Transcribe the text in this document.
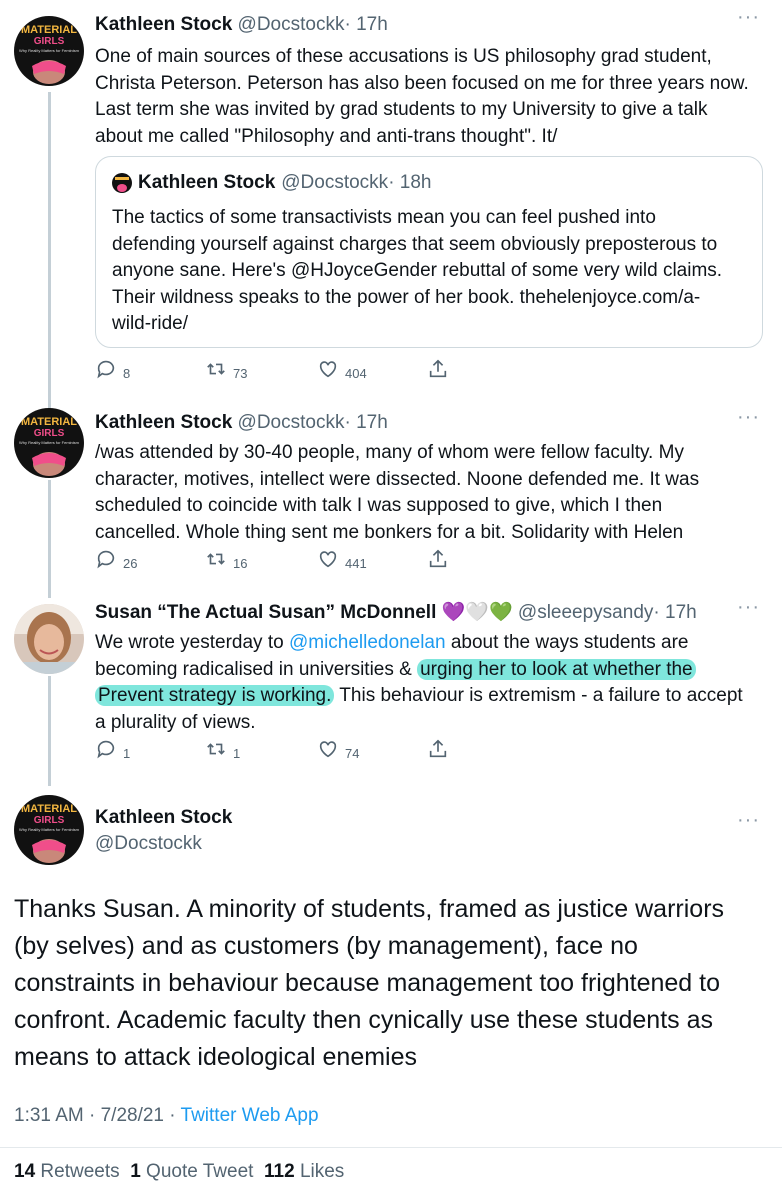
MATERIAL
GIRLS
Why Reality Matters for Feminism
···
Kathleen Stock @Docstockk· 17h
One of main sources of these accusations is US philosophy grad student,
Christa Peterson. Peterson has also been focused on me for three years now.
Last term she was invited by grad students to my University to give a talk
about me called "Philosophy and anti-trans thought". It/
Kathleen Stock @Docstockk· 18h
The tactics of some transactivists mean you can feel pushed into
defending yourself against charges that seem obviously preposterous to
anyone sane. Here's @HJoyceGender rebuttal of some very wild claims.
Their wildness speaks to the power of her book. thehelenjoyce.com/a-
wild-ride/
8	73	404
MATERIAL
GIRLS
Why Reality Matters for Feminism
···
Kathleen Stock @Docstockk· 17h
/was attended by 30-40 people, many of whom were fellow faculty. My
character, motives, intellect were dissected. Noone defended me. It was
scheduled to coincide with talk I was supposed to give, which I then
cancelled. Whole thing sent me bonkers for a bit. Solidarity with Helen
26	16	441
···
Susan “The Actual Susan” McDonnell 💜🤍💚 @sleeepysandy· 17h
We wrote yesterday to @michelledonelan about the ways students are
becoming radicalised in universities & urging her to look at whether the
Prevent strategy is working. This behaviour is extremism - a failure to accept
a plurality of views.
1	1	74
MATERIAL
GIRLS
Why Reality Matters for Feminism	···
Kathleen Stock
@Docstockk
Thanks Susan. A minority of students, framed as justice warriors
(by selves) and as customers (by management), face no
constraints in behaviour because management too frightened to
confront. Academic faculty then cynically use these students as
means to attack ideological enemies
1:31 AM · 7/28/21 · Twitter Web App
14 Retweets 1 Quote Tweet 112 Likes
